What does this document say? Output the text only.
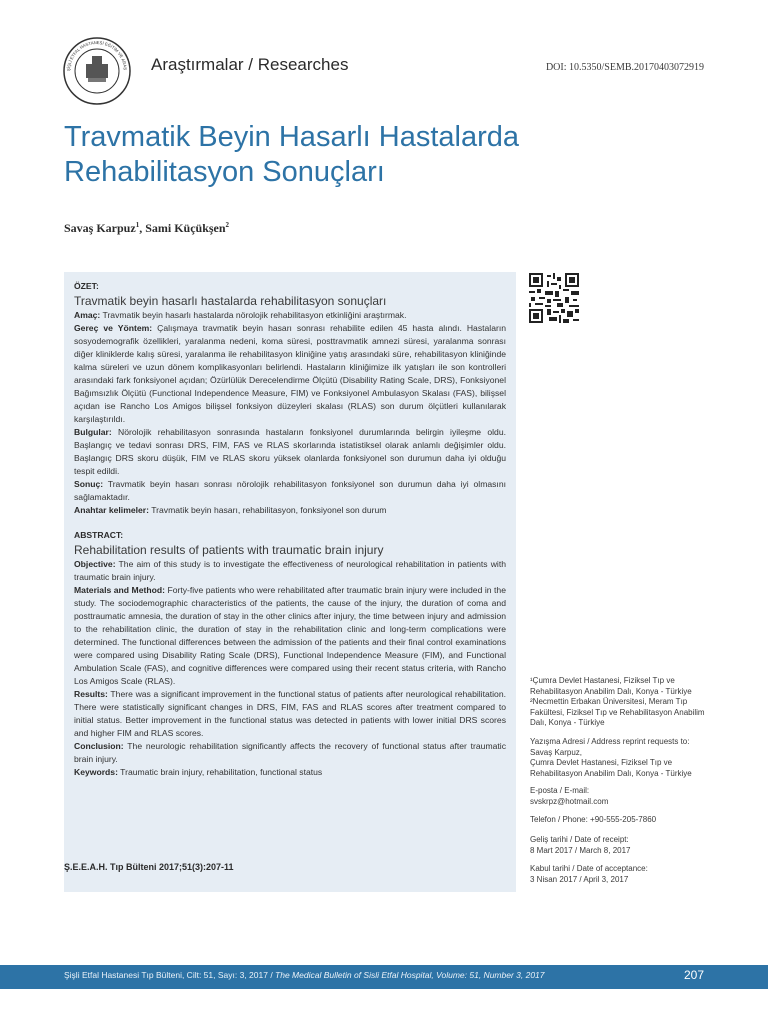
ŞİŞLİ ETFAL HASTANESİ EĞİTİM VE ARAŞ Araştırmalar / Researches	DOI: 10.5350/SEMB.20170403072919
Travmatik Beyin Hasarlı Hastalarda Rehabilitasyon Sonuçları
Savaş Karpuz$^1$, Sami Küçükşen$^2$

ÖZET:

Travmatik beyin hasarlı hastalarda rehabilitasyon sonuçları

Amaç: Travmatik beyin hasarlı hastalarda nörolojik rehabilitasyon etkinliğini araştırmak.

Gereç ve Yöntem: Çalışmaya travmatik beyin hasarı sonrası rehabilite edilen 45 hasta alındı. Hastaların sosyodemografik özellikleri, yaralanma nedeni, koma süresi, posttravmatik amnezi süresi, yaralanma sonrası diğer kliniklerde kalış süresi, yaralanma ile rehabilitasyon kliniğine yatış arasındaki süre, rehabilitasyon kliniğinde kalma süreleri ve uzun dönem komplikasyonları belirlendi. Hastaların kliniğimize ilk yatışları ile son kontrolleri arasındaki fark fonksiyonel açıdan; Özürlülük Derecelendirme Ölçütü (Disability Rating Scale, DRS), Fonksiyonel Bağımsızlık Ölçütü (Functional Independence Measure, FIM) ve Fonksiyonel Ambulasyon Skalası (FAS), bilişsel açıdan ise Rancho Los Amigos bilişsel fonksiyon düzeyleri skalası (RLAS) son durum ölçütleri kullanılarak karşılaştırıldı.

Bulgular: Nörolojik rehabilitasyon sonrasında hastaların fonksiyonel durumlarında belirgin iyileşme oldu. Başlangıç ve tedavi sonrası DRS, FIM, FAS ve RLAS skorlarında istatistiksel olarak anlamlı değişimler oldu. Başlangıç DRS skoru düşük, FIM ve RLAS skoru yüksek olanlarda fonksiyonel son durumun daha iyi olduğu tespit edildi.

Sonuç: Travmatik beyin hasarı sonrası nörolojik rehabilitasyon fonksiyonel son durumun daha iyi olmasını sağlamaktadır.

Anahtar kelimeler: Travmatik beyin hasarı, rehabilitasyon, fonksiyonel son durum

ABSTRACT:

Rehabilitation results of patients with traumatic brain injury

Objective: The aim of this study is to investigate the effectiveness of neurological rehabilitation in patients with traumatic brain injury.

Materials and Method: Forty-five patients who were rehabilitated after traumatic brain injury were included in the study. The sociodemographic characteristics of the patients, the cause of the injury, the duration of coma and posttraumatic amnesia, the duration of stay in the other clinics after injury, the time between injury and admission to the rehabilitation clinic, the duration of stay in the rehabilitation clinic and long-term complications were determined. The functional differences between the admission of the patients and their final control examinations were compared using Disability Rating Scale (DRS), Functional Independence Measure (FIM), and Functional Ambulation Scale (FAS), and cognitive differences were compared using their recent status criteria, with Rancho Los Amigos Scale (RLAS).

Results: There was a significant improvement in the functional status of patients after neurological rehabilitation. There were statistically significant changes in DRS, FIM, FAS and RLAS scores after treatment compared to initial status. Better improvement in the functional status was detected in patients with lower initial DRS scores and higher FIM and RLAS scores.

Conclusion: The neurologic rehabilitation significantly affects the recovery of functional status after traumatic brain injury.

Keywords: Traumatic brain injury, rehabilitation, functional status

Ş.E.E.A.H. Tıp Bülteni 2017;51(3):207-11

¹Çumra Devlet Hastanesi, Fiziksel Tıp ve Rehabilitasyon Anabilim Dalı, Konya - Türkiye

²Necmettin Erbakan Üniversitesi, Meram Tıp Fakültesi, Fiziksel Tıp ve Rehabilitasyon Anabilim Dalı, Konya - Türkiye

Yazışma Adresi / Address reprint requests to:

Savaş Karpuz,

Çumra Devlet Hastanesi, Fiziksel Tıp ve Rehabilitasyon Anabilim Dalı, Konya - Türkiye

E-posta / E-mail:

svskrpz@hotmail.com

Telefon / Phone: +90-555-205-7860

Geliş tarihi / Date of receipt:

8 Mart 2017 / March 8, 2017

Kabul tarihi / Date of acceptance:

3 Nisan 2017 / April 3, 2017

Şişli Etfal Hastanesi Tıp Bülteni, Cilt: 51, Sayı: 3, 2017 / The Medical Bulletin of Sisli Etfal Hospital, Volume: 51, Number 3, 2017	207
